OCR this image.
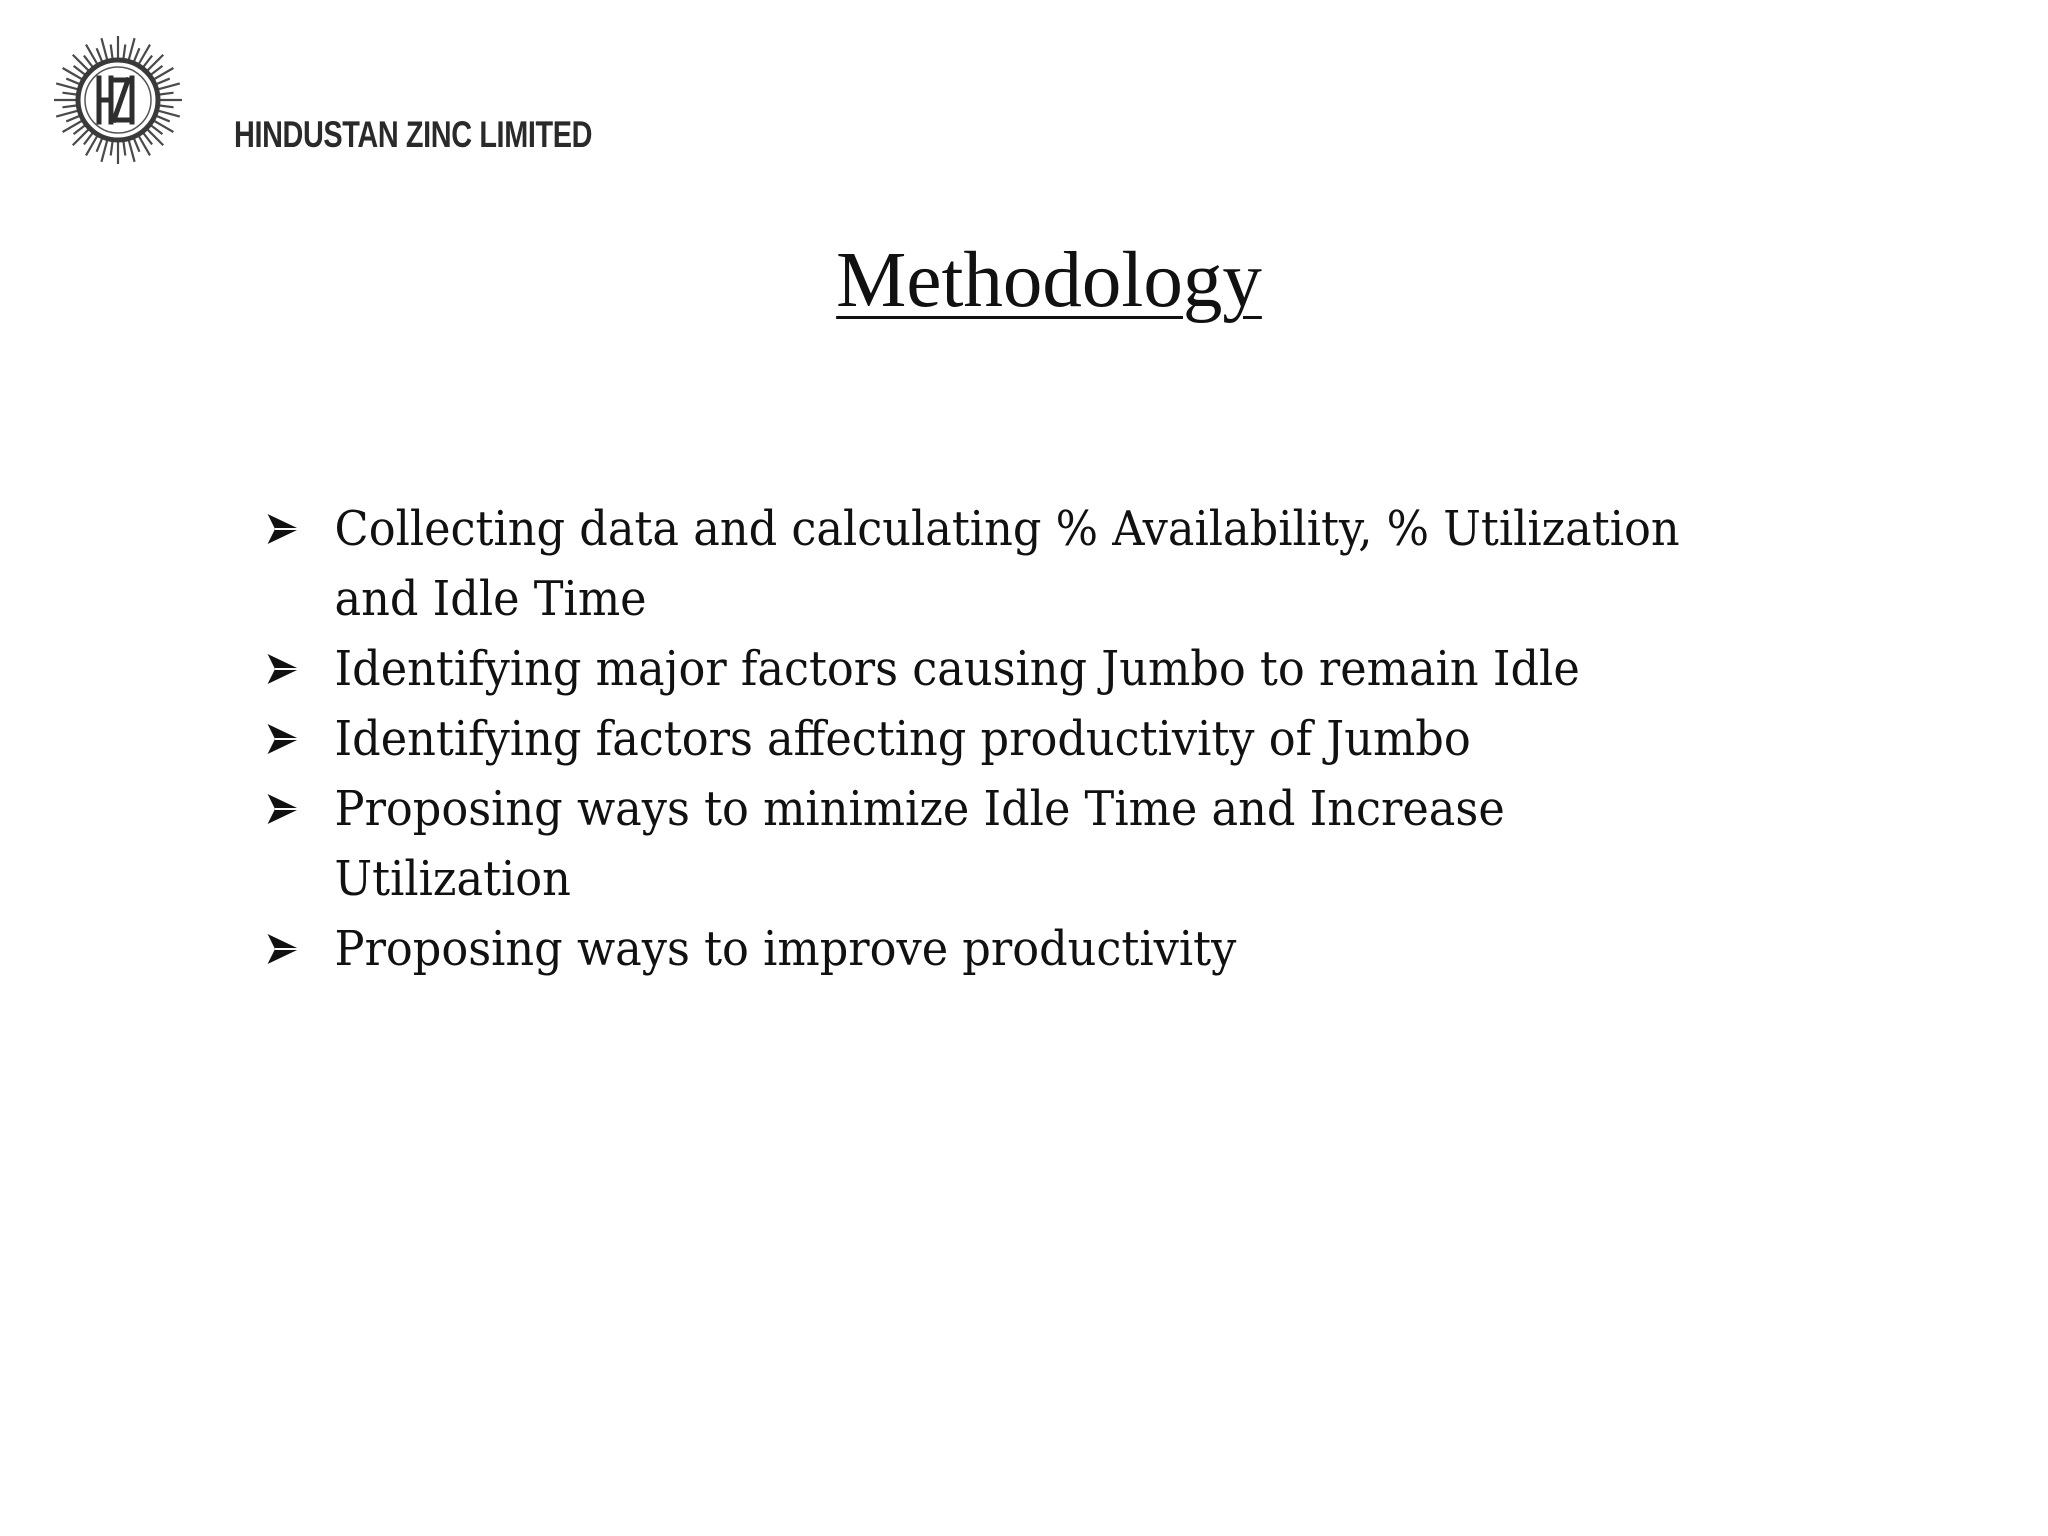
HINDUSTAN ZINC LIMITED
Methodology
Collecting data and calculating % Availability, % Utilization and Idle Time
Identifying major factors causing Jumbo to remain Idle
Identifying factors affecting productivity of Jumbo
Proposing ways to minimize Idle Time and Increase Utilization
Proposing ways to improve productivity
